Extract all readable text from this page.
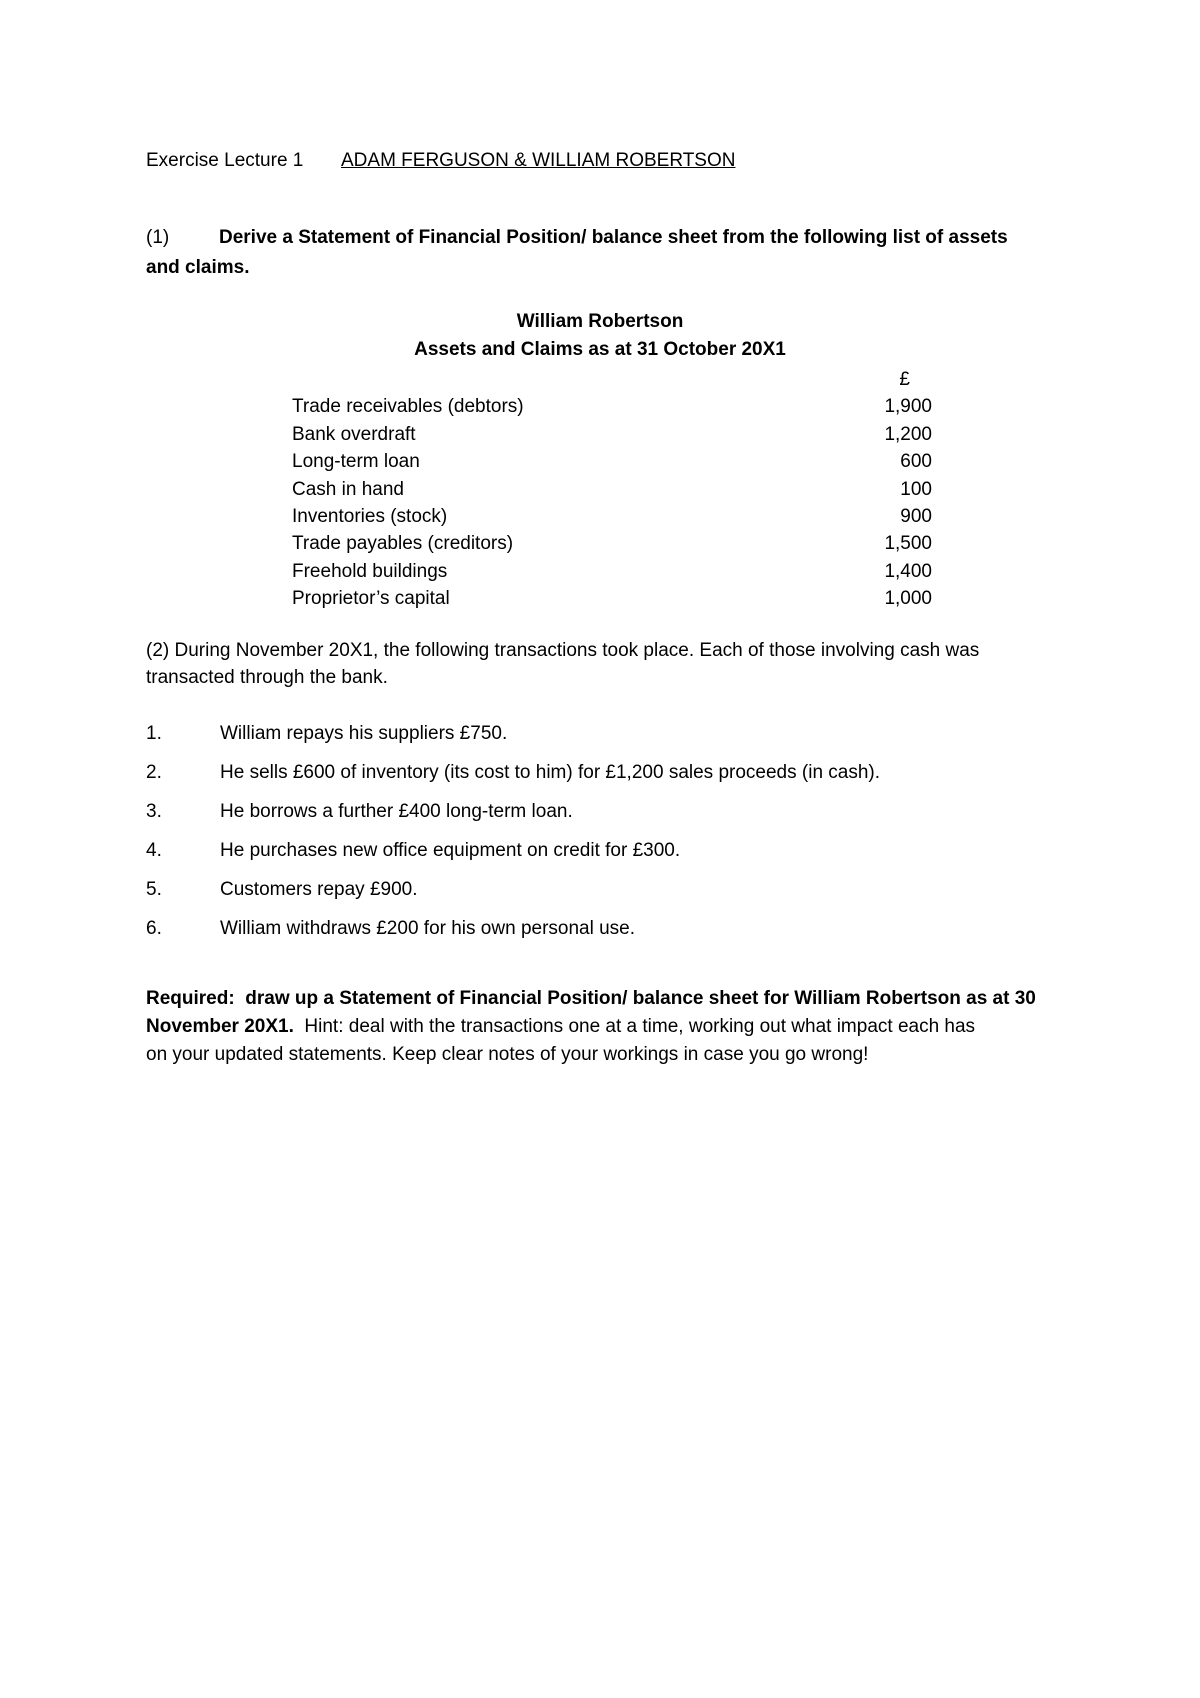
Exercise Lecture 1 ADAM FERGUSON & WILLIAM ROBERTSON
(1)	Derive a Statement of Financial Position/ balance sheet from the following list of assets
and claims.
William Robertson
Assets and Claims as at 31 October 20X1
£
Trade receivables (debtors)	1,900
Bank overdraft	1,200
Long-term loan	600
Cash in hand	100
Inventories (stock)	900
Trade payables (creditors)	1,500
Freehold buildings	1,400
Proprietor’s capital	1,000
(2) During November 20X1, the following transactions took place. Each of those involving cash was
transacted through the bank.
1.	William repays his suppliers £750.
2.	He sells £600 of inventory (its cost to him) for £1,200 sales proceeds (in cash).
3.	He borrows a further £400 long-term loan.
4.	He purchases new office equipment on credit for £300.
5.	Customers repay £900.
6.	William withdraws £200 for his own personal use.
Required: draw up a Statement of Financial Position/ balance sheet for William Robertson as at 30
November 20X1. Hint: deal with the transactions one at a time, working out what impact each has
on your updated statements. Keep clear notes of your workings in case you go wrong!
